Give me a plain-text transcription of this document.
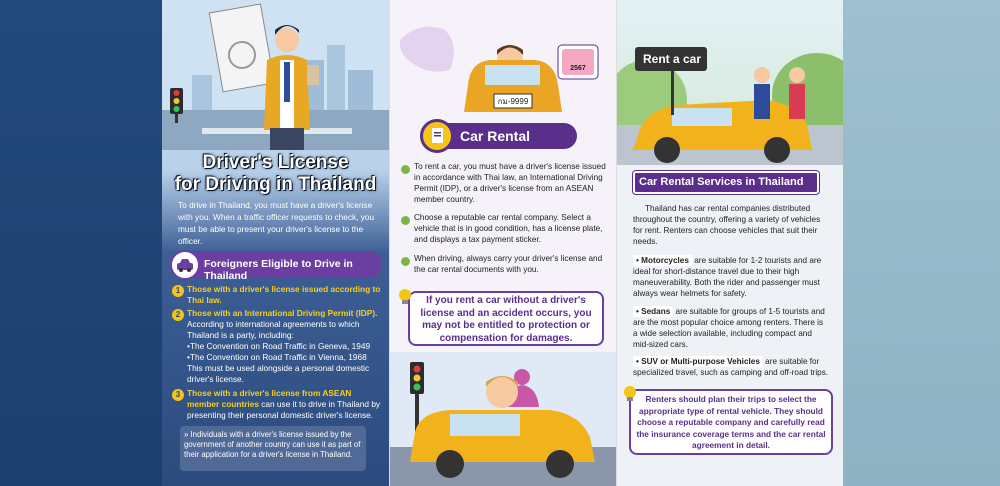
Driver's License
for Driving in Thailand
To drive in Thailand, you must have a driver's license with you. When a traffic officer requests to check, you must be able to present your driver's license to the officer.
Foreigners Eligible to Drive in Thailand
1 Those with a driver's license issued according to Thai law.
2 Those with an International Driving Permit (IDP).
According to international agreements to which Thailand is a party, including:
•The Convention on Road Traffic in Geneva, 1949
•The Convention on Road Traffic in Vienna, 1968
This must be used alongside a personal domestic driver's license.
3 Those with a driver's license from ASEAN member countries can use it to drive in Thailand by presenting their personal domestic driver's license.
» Individuals with a driver's license issued by the government of another country can use it as part of their application for a driver's license in Thailand.
กม-9999
2567
Car Rental
To rent a car, you must have a driver's license issued in accordance with Thai law, an International Driving Permit (IDP), or a driver's license from an ASEAN member country.
Choose a reputable car rental company. Select a vehicle that is in good condition, has a license plate, and displays a tax payment sticker.
When driving, always carry your driver's license and the car rental documents with you.
If you rent a car without a driver's license and an accident occurs, you may not be entitled to protection or compensation for damages.
Rent a car
Car Rental Services in Thailand
Thailand has car rental companies distributed throughout the country, offering a variety of vehicles for rent. Renters can choose vehicles that suit their needs.
• Motorcycles are suitable for 1-2 tourists and are ideal for short-distance travel due to their high maneuverability. Both the rider and passenger must always wear helmets for safety.
• Sedans are suitable for groups of 1-5 tourists and are the most popular choice among renters. There is a wide selection available, including compact and mid-sized cars.
• SUV or Multi-purpose Vehicles are suitable for specialized travel, such as camping and off-road trips.
Renters should plan their trips to select the appropriate type of rental vehicle. They should choose a reputable company and carefully read the insurance coverage terms and the car rental agreement in detail.
